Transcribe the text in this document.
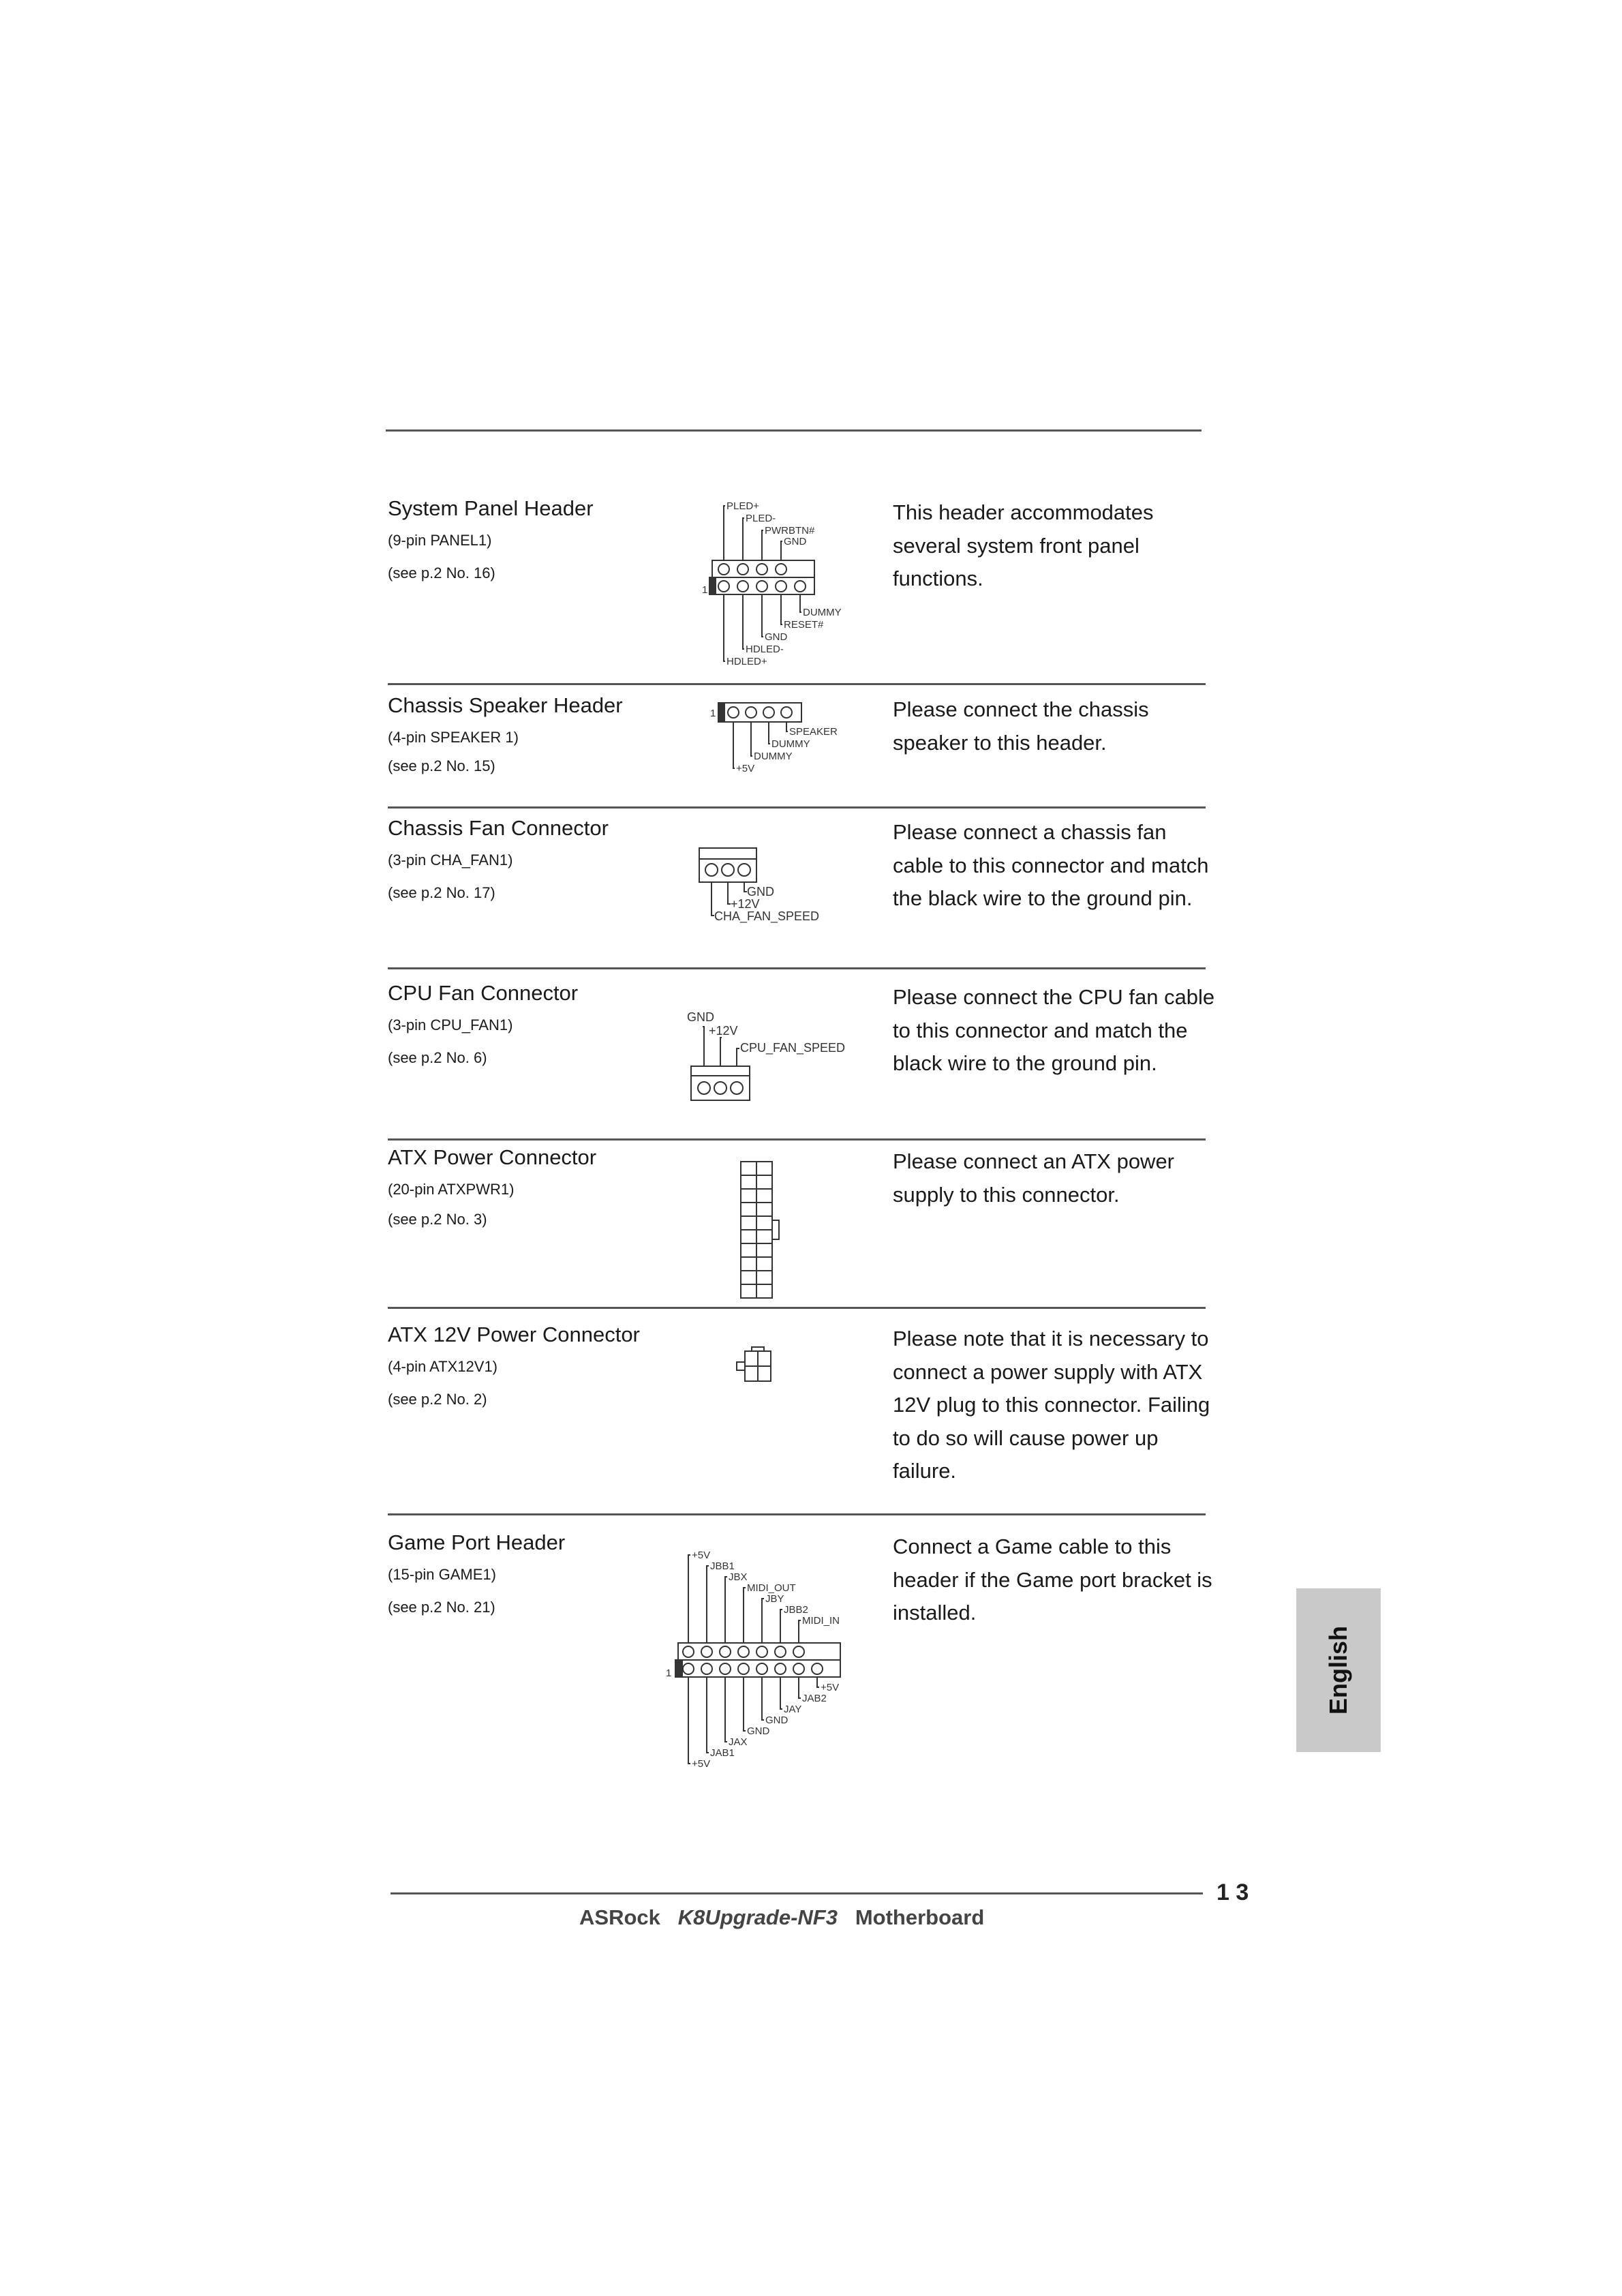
System Panel Header
(9-pin PANEL1)
(see p.2 No. 16)
This header accommodates several system front panel functions.
PLED+
PLED-
PWRBTN#
GND
DUMMY
RESET#
GND
HDLED-
HDLED+
1
Chassis Speaker Header
(4-pin SPEAKER 1)
(see p.2 No. 15)
Please connect the chassis speaker to this header.
1
SPEAKER
DUMMY
DUMMY
+5V
Chassis Fan Connector
(3-pin CHA_FAN1)
(see p.2 No. 17)
Please connect a chassis fan cable to this connector and match the black wire to the ground pin.
GND
+12V
CHA_FAN_SPEED
CPU Fan Connector
(3-pin CPU_FAN1)
(see p.2 No. 6)
Please connect the CPU fan cable to this connector and match the black wire to the ground pin.
GND
+12V
CPU_FAN_SPEED
ATX Power Connector
(20-pin ATXPWR1)
(see p.2 No. 3)
Please connect an ATX power supply to this connector.
ATX 12V Power Connector
(4-pin ATX12V1)
(see p.2 No. 2)
Please note that it is necessary to connect a power supply with ATX 12V plug to this connector. Failing to do so will cause power up failure.
Game Port Header
(15-pin GAME1)
(see p.2 No. 21)
Connect a Game cable to this header if the Game port bracket is installed.
1
+5V
JBB1
JBX
MIDI_OUT
JBY
JBB2
MIDI_IN
+5V
JAB2
JAY
GND
GND
JAX
JAB1
+5V
ASRock K8Upgrade-NF3 Motherboard
1 3
English
